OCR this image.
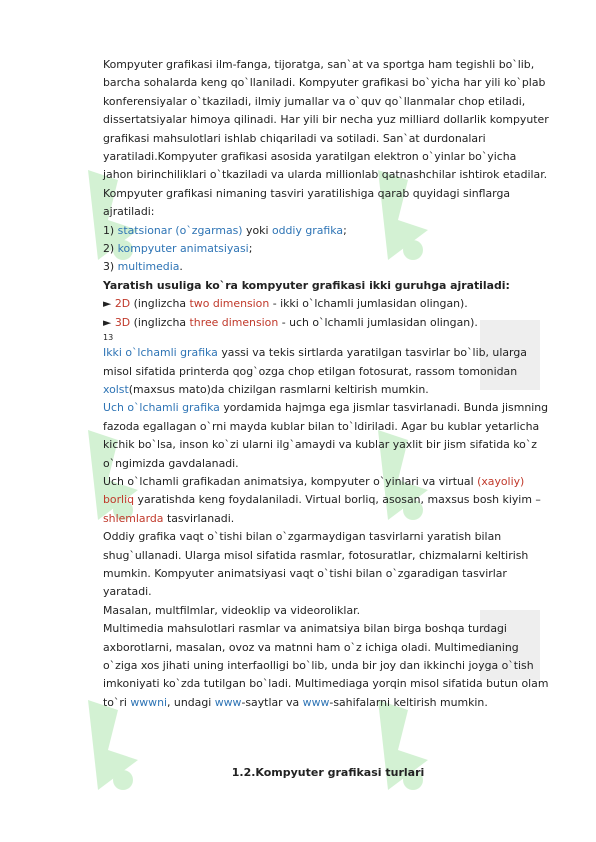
Kompyuter grafikasi ilm-fanga, tijoratga, san`at va sportga ham tegishli bo`lib, barcha sohalarda keng qo`llaniladi. Kompyuter grafikasi bo`yicha har yili ko`plab konferensiyalar o`tkaziladi, ilmiy jumallar va o`quv qo`llanmalar chop etiladi, dissertatsiyalar himoya qilinadi. Har yili bir necha yuz milliard dollarlik kompyuter grafikasi mahsulotlari ishlab chiqariladi va sotiladi. San`at durdonalari yaratiladi.Kompyuter grafikasi asosida yaratilgan elektron o`yinlar bo`yicha jahon birinchiliklari o`tkaziladi va ularda millionlab qatnashchilar ishtirok etadilar.

Kompyuter grafikasi nimaning tasviri yaratilishiga qarab quyidagi sinflarga ajratiladi:

1) statsionar (o`zgarmas) yoki oddiy grafika;

2) kompyuter animatsiyasi;

3) multimedia.

Yaratish usuliga ko`ra kompyuter grafikasi ikki guruhga ajratiladi:

► 2D (inglizcha two dimension - ikki o`lchamli jumlasidan olingan).

► 3D (inglizcha three dimension - uch o`lchamli jumlasidan olingan).

13

Ikki o`lchamli grafika yassi va tekis sirtlarda yaratilgan tasvirlar bo`lib, ularga misol sifatida printerda qog`ozga chop etilgan fotosurat, rassom tomonidan xolst(maxsus mato)da chizilgan rasmlarni keltirish mumkin.

Uch o`lchamli grafika yordamida hajmga ega jismlar tasvirlanadi. Bunda jismning fazoda egallagan o`rni mayda kublar bilan to`ldiriladi. Agar bu kublar yetarlicha kichik bo`lsa, inson ko`zi ularni ilg`amaydi va kublar yaxlit bir jism sifatida ko`z o`ngimizda gavdalanadi.

Uch o`lchamli grafikadan animatsiya, kompyuter o`yinlari va virtual (xayoliy) borliq yaratishda keng foydalaniladi. Virtual borliq, asosan, maxsus bosh kiyim – shlemlarda tasvirlanadi.

Oddiy grafika vaqt o`tishi bilan o`zgarmaydigan tasvirlarni yaratish bilan shug`ullanadi. Ularga misol sifatida rasmlar, fotosuratlar, chizmalarni keltirish mumkin. Kompyuter animatsiyasi vaqt o`tishi bilan o`zgaradigan tasvirlar yaratadi.

Masalan, multfilmlar, videoklip va videoroliklar.

Multimedia mahsulotlari rasmlar va animatsiya bilan birga boshqa turdagi axborotlarni, masalan, ovoz va matnni ham o`z ichiga oladi. Multimedianing o`ziga xos jihati uning interfaolligi bo`lib, unda bir joy dan ikkinchi joyga o`tish imkoniyati ko`zda tutilgan bo`ladi. Multimediaga yorqin misol sifatida butun olam to`ri wwwni, undagi www-saytlar va www-sahifalarni keltirish mumkin.

1.2.Kompyuter grafikasi turlari
